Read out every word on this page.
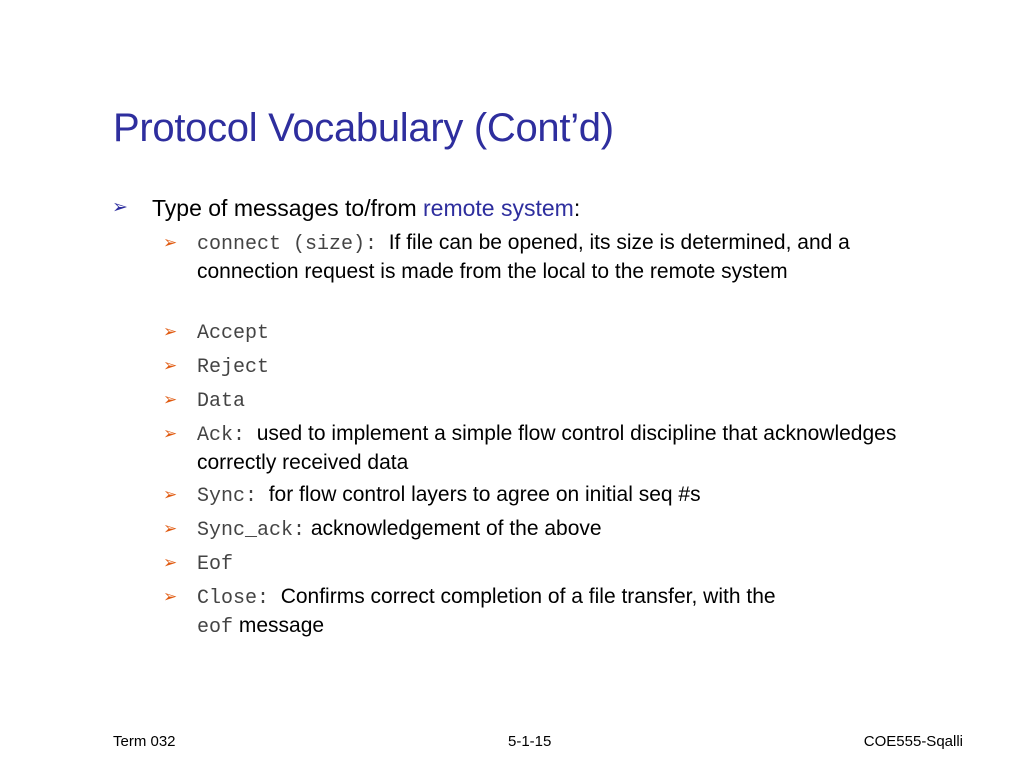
Protocol Vocabulary (Cont’d)
➢ Type of messages to/from remote system:
➢ connect (size): If file can be opened, its size is determined, and a connection request is made from the local to the remote system
➢ Accept
➢ Reject
➢ Data
➢ Ack: used to implement a simple flow control discipline that acknowledges correctly received data
➢ Sync: for flow control layers to agree on initial seq #s
➢ Sync_ack: acknowledgement of the above
➢ Eof
➢ Close: Confirms correct completion of a file transfer, with the
eof message
Term 032	5-1-15	COE555-Sqalli
